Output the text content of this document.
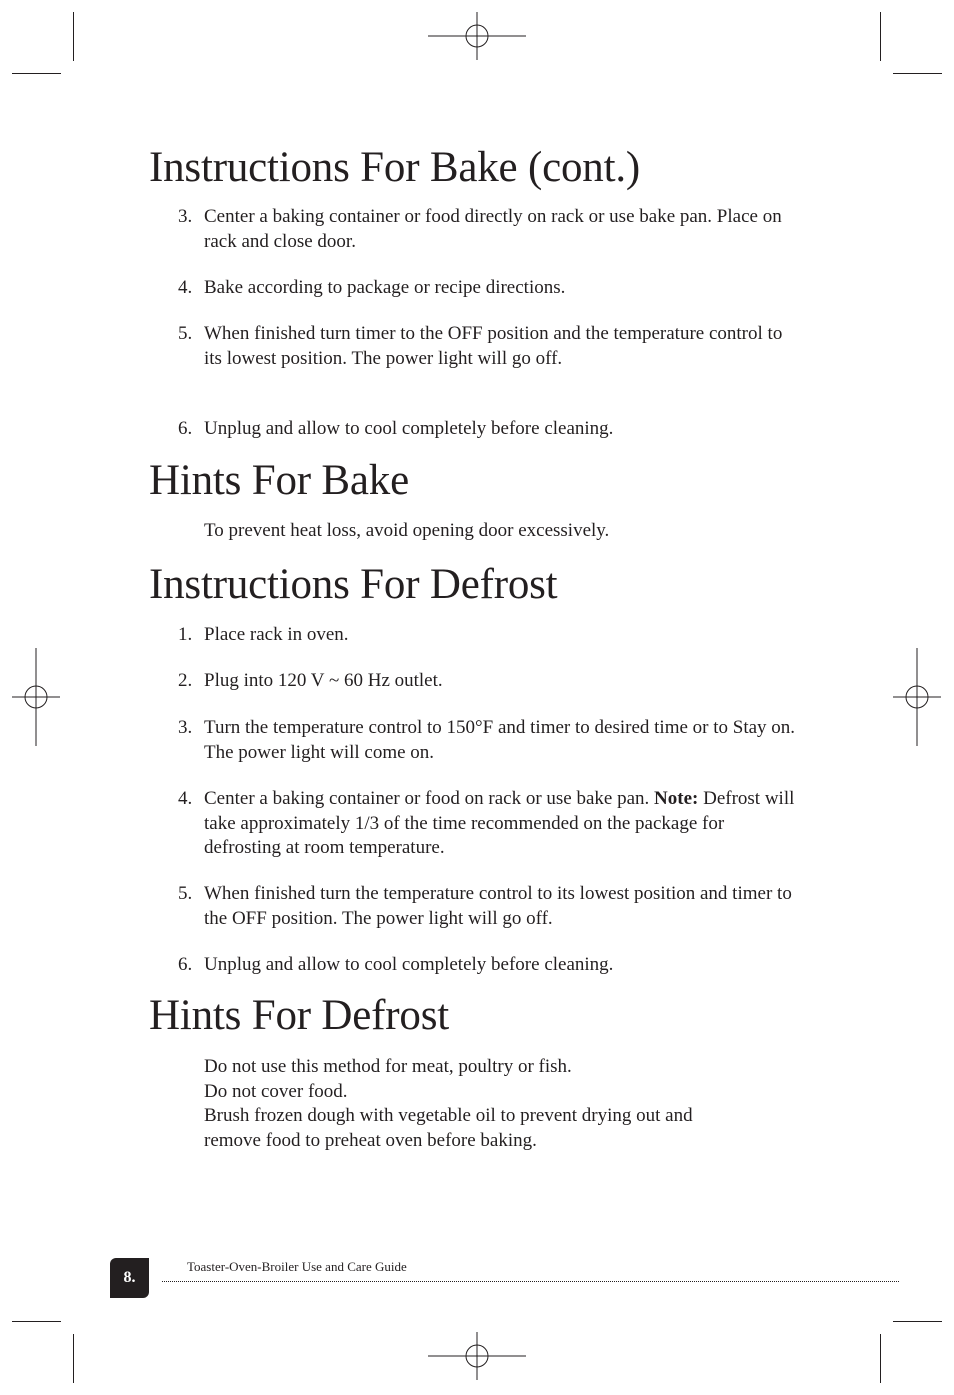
Instructions For Bake (cont.)
3. Center a baking container or food directly on rack or use bake pan. Place on rack and close door.
4. Bake according to package or recipe directions.
5. When finished turn timer to the OFF position and the temperature control to its lowest position. The power light will go off.
6. Unplug and allow to cool completely before cleaning.
Hints For Bake
To prevent heat loss, avoid opening door excessively.
Instructions For Defrost
1. Place rack in oven.
2. Plug into 120 V ~ 60 Hz outlet.
3. Turn the temperature control to 150°F and timer to desired time or to Stay on. The power light will come on.
4. Center a baking container or food on rack or use bake pan. Note: Defrost will take approximately 1/3 of the time recommended on the package for defrosting at room temperature.
5. When finished turn the temperature control to its lowest position and timer to the OFF position. The power light will go off.
6. Unplug and allow to cool completely before cleaning.
Hints For Defrost
Do not use this method for meat, poultry or fish.
Do not cover food.
Brush frozen dough with vegetable oil to prevent drying out and
remove food to preheat oven before baking.
8.
Toaster-Oven-Broiler Use and Care Guide
